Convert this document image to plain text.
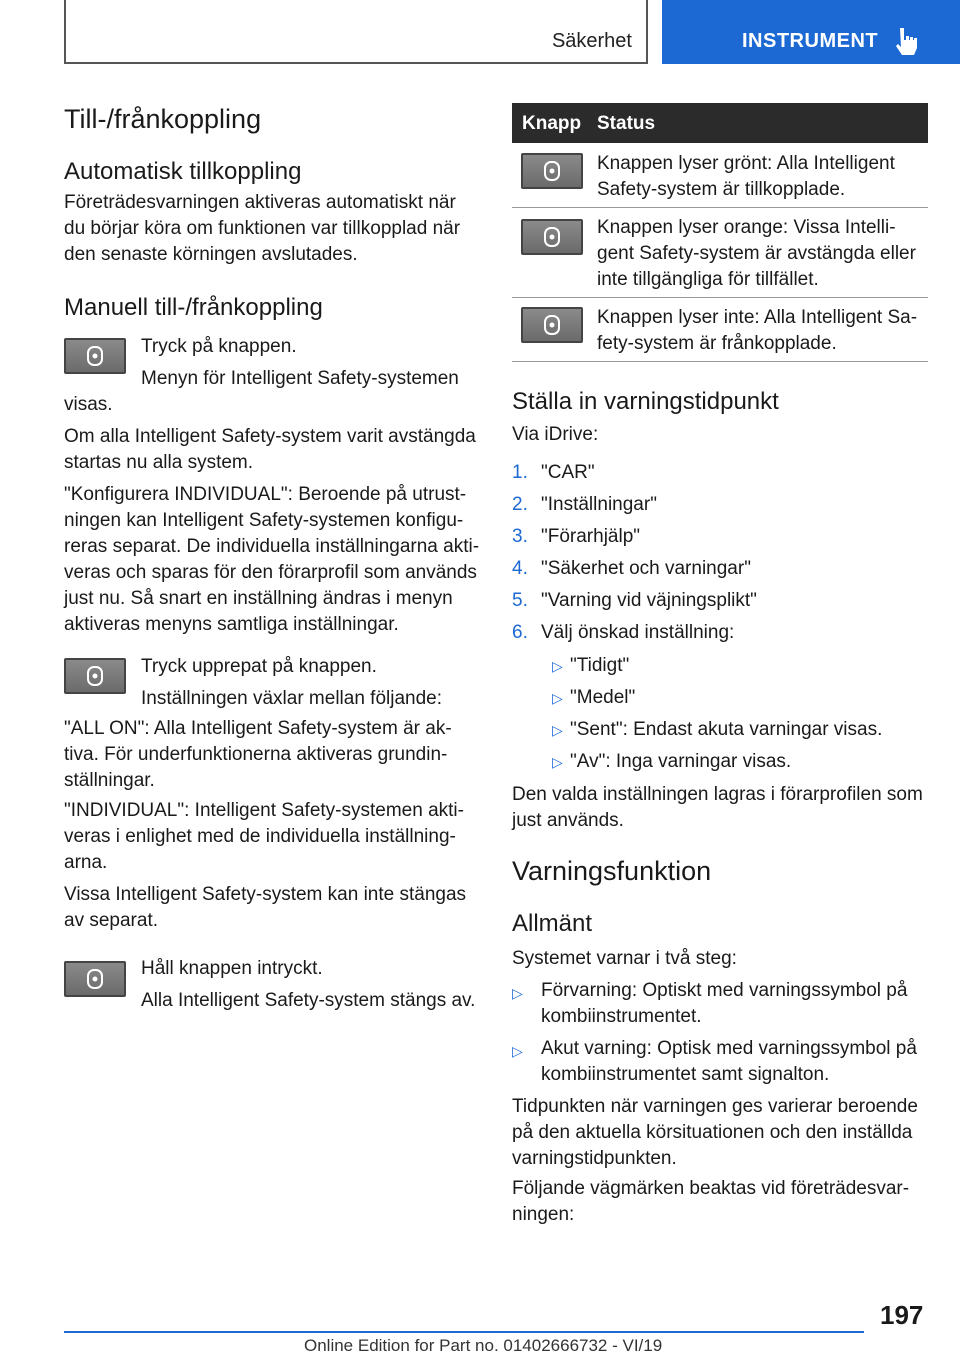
Säkerhet	INSTRUMENT
Till-/frånkoppling
Automatisk tillkoppling
Företrädesvarningen aktiveras automatiskt när
du börjar köra om funktionen var tillkopplad när
den senaste körningen avslutades.
Manuell till-/frånkoppling
Tryck på knappen.
Menyn för Intelligent Safety-systemen
visas.
Om alla Intelligent Safety-system varit avstängda
startas nu alla system.
"Konfigurera INDIVIDUAL": Beroende på utrust-
ningen kan Intelligent Safety-systemen konfigu-
reras separat. De individuella inställningarna akti-
veras och sparas för den förarprofil som används
just nu. Så snart en inställning ändras i menyn
aktiveras menyns samtliga inställningar.
Tryck upprepat på knappen.
Inställningen växlar mellan följande:
"ALL ON": Alla Intelligent Safety-system är ak-
tiva. För underfunktionerna aktiveras grundin-
ställningar.
"INDIVIDUAL": Intelligent Safety-systemen akti-
veras i enlighet med de individuella inställning-
arna.
Vissa Intelligent Safety-system kan inte stängas
av separat.
Håll knappen intryckt.
Alla Intelligent Safety-system stängs av.
Knapp Status
Knappen lyser grönt: Alla Intelligent
Safety-system är tillkopplade.
Knappen lyser orange: Vissa Intelli-
gent Safety-system är avstängda eller
inte tillgängliga för tillfället.
Knappen lyser inte: Alla Intelligent Sa-
fety-system är frånkopplade.
Ställa in varningstidpunkt
Via iDrive:
1. "CAR"
2. "Inställningar"
3. "Förarhjälp"
4. "Säkerhet och varningar"
5. "Varning vid väjningsplikt"
6. Välj önskad inställning:
▷ "Tidigt"
▷ "Medel"
▷ "Sent": Endast akuta varningar visas.
▷ "Av": Inga varningar visas.
Den valda inställningen lagras i förarprofilen som
just används.
Varningsfunktion
Allmänt
Systemet varnar i två steg:
▷ Förvarning: Optiskt med varningssymbol på
kombiinstrumentet.
▷ Akut varning: Optisk med varningssymbol på
kombiinstrumentet samt signalton.
Tidpunkten när varningen ges varierar beroende
på den aktuella körsituationen och den inställda
varningstidpunkten.
Följande vägmärken beaktas vid företrädesvar-
ningen:
197
Online Edition for Part no. 01402666732 - VI/19
